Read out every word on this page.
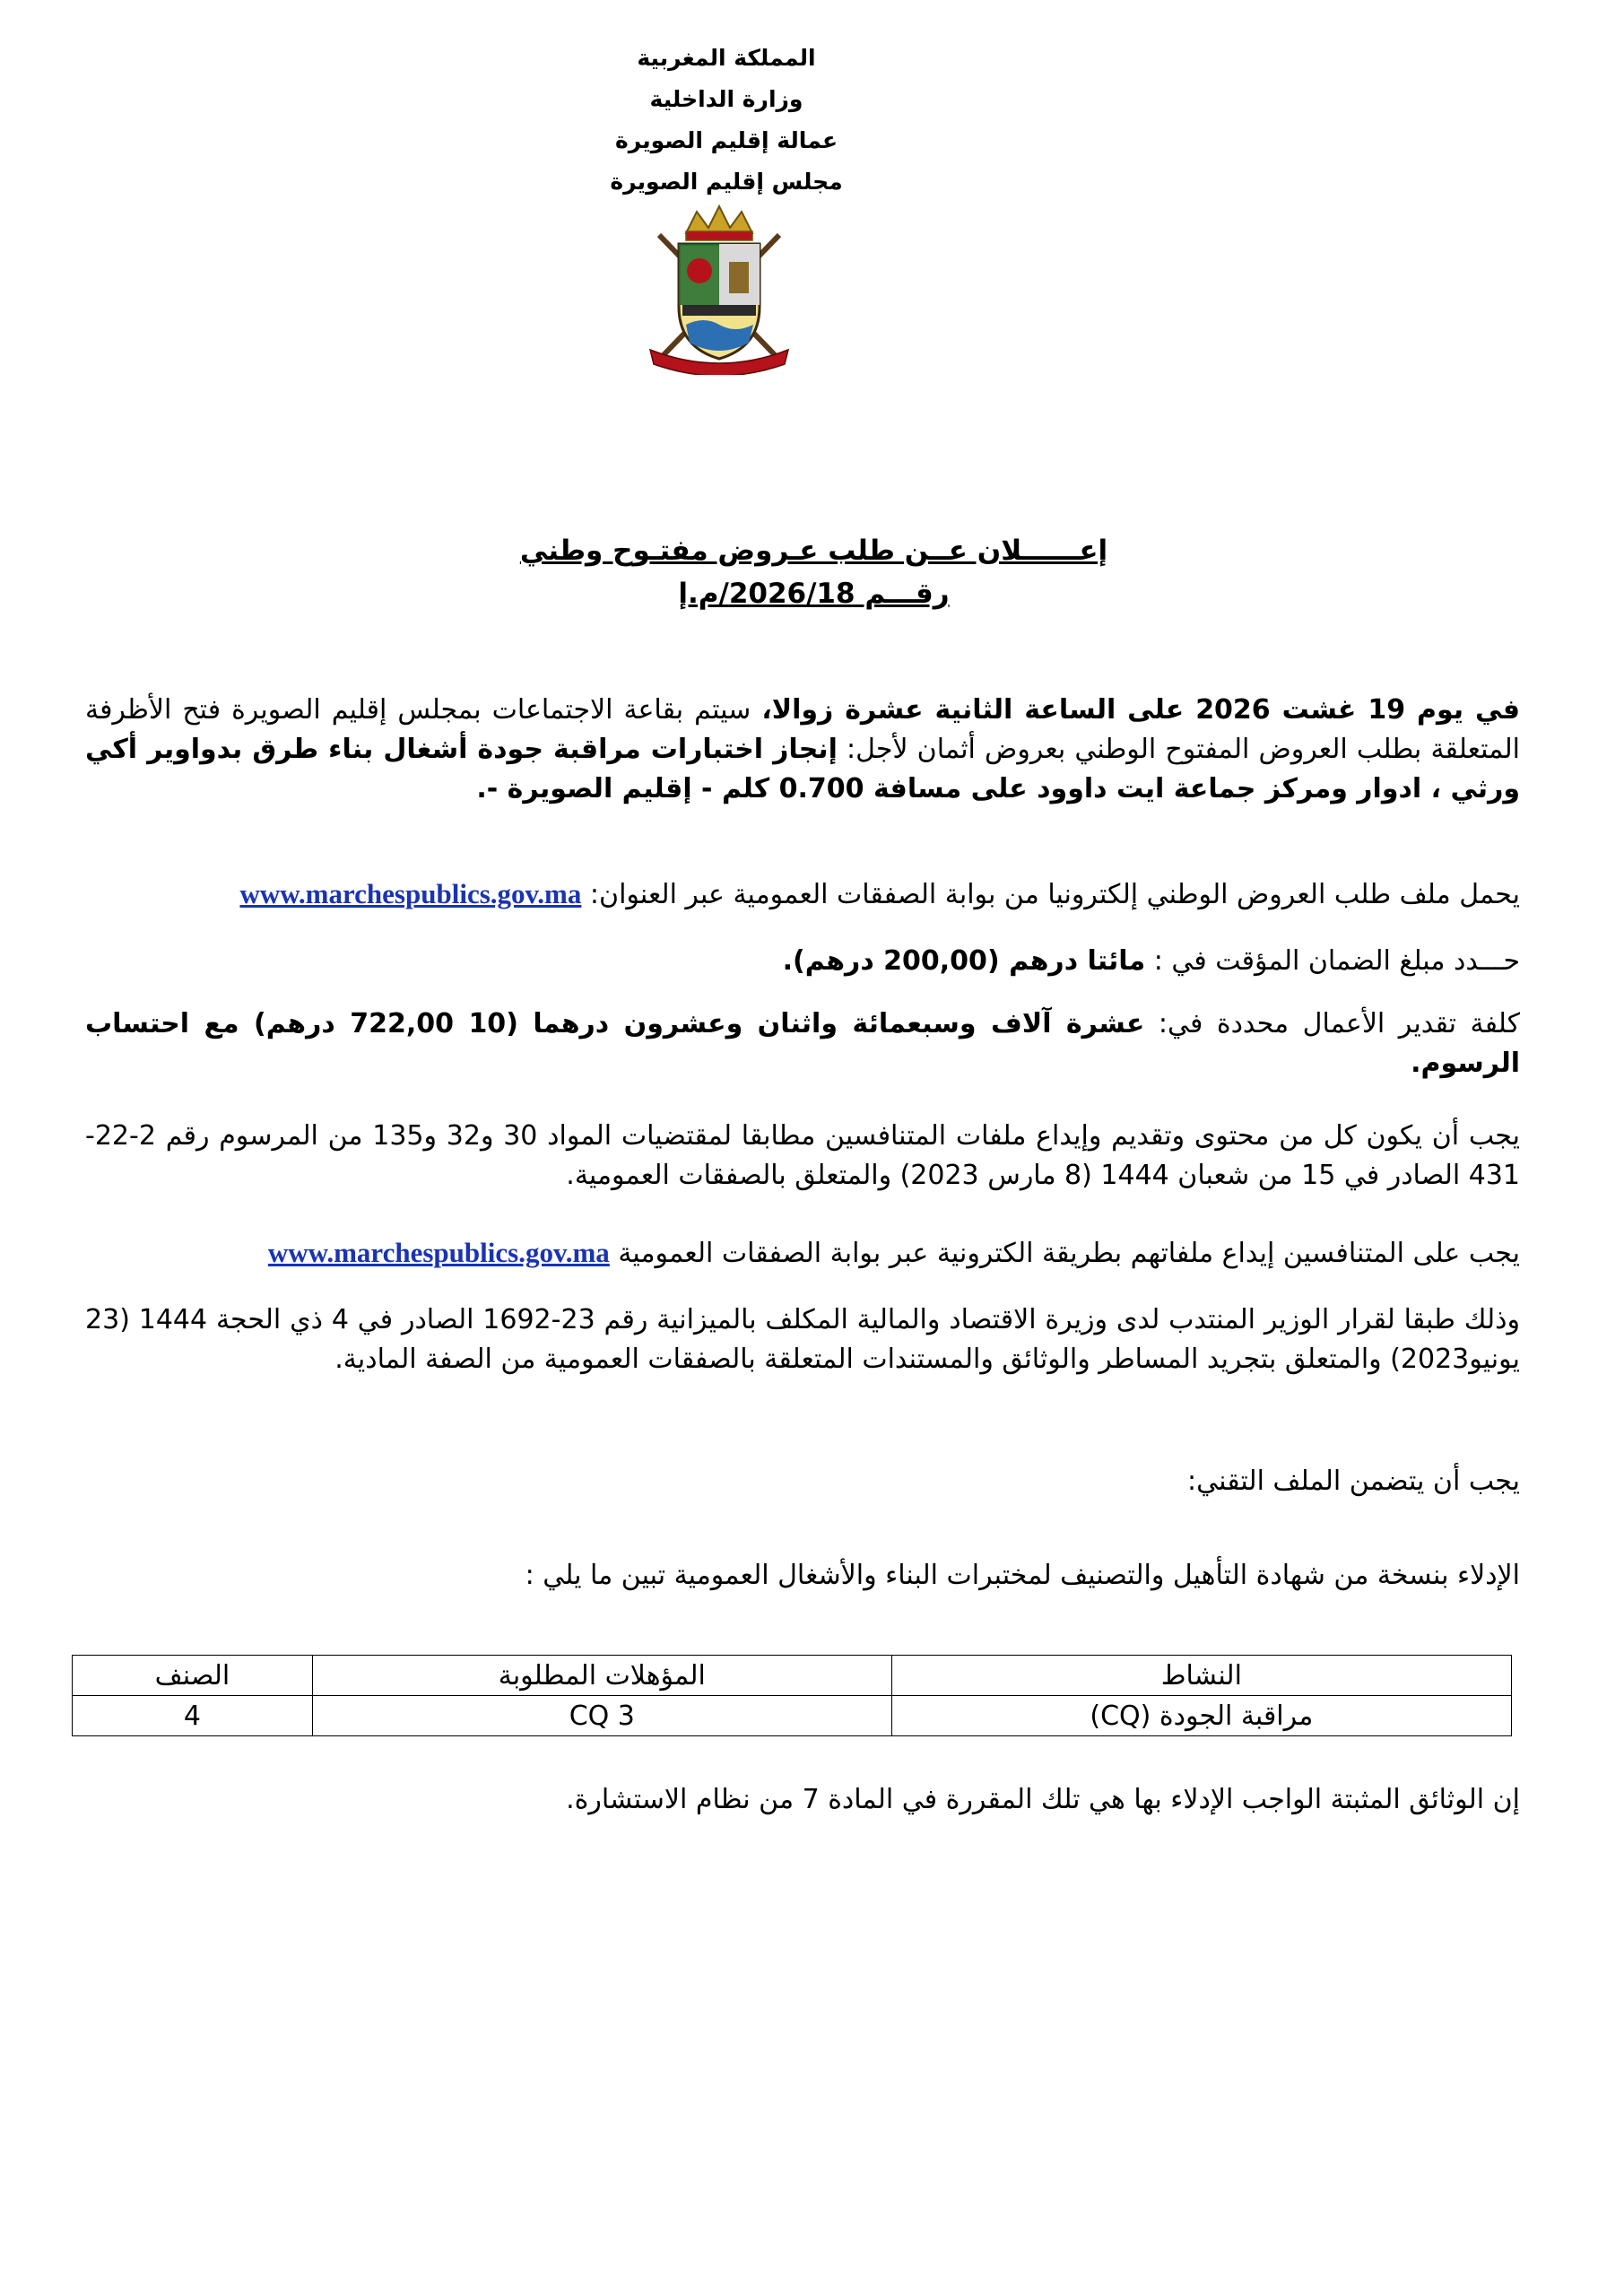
المملكة المغربية
وزارة الداخلية
عمالة إقليم الصويرة
مجلس إقليم الصويرة
إعــــــلان عــن طلب عـروض مفتـوح وطني
رقـــم 2026/18/م.إ
في يوم 19 غشت 2026 على الساعة الثانية عشرة زوالا، سيتم بقاعة الاجتماعات بمجلس إقليم الصويرة فتح الأظرفة المتعلقة بطلب العروض المفتوح الوطني بعروض أثمان لأجل: إنجاز اختبارات مراقبة جودة أشغال بناء طرق بدواوير أكي ورثي ، ادوار ومركز جماعة ايت داوود على مسافة 0.700 كلم - إقليم الصويرة -.
يحمل ملف طلب العروض الوطني إلكترونيا من بوابة الصفقات العمومية عبر العنوان: www.marchespublics.gov.ma
حـــدد مبلغ الضمان المؤقت في : مائتا درهم (200,00 درهم).
كلفة تقدير الأعمال محددة في: عشرة آلاف وسبعمائة واثنان وعشرون درهما (10 722,00 درهم) مع احتساب الرسوم.
يجب أن يكون كل من محتوى وتقديم وإيداع ملفات المتنافسين مطابقا لمقتضيات المواد 30 و32 و135 من المرسوم رقم 2-22-431 الصادر في 15 من شعبان 1444 (8 مارس 2023) والمتعلق بالصفقات العمومية.
يجب على المتنافسين إيداع ملفاتهم بطريقة الكترونية عبر بوابة الصفقات العمومية www.marchespublics.gov.ma
وذلك طبقا لقرار الوزير المنتدب لدى وزيرة الاقتصاد والمالية المكلف بالميزانية رقم 23-1692 الصادر في 4 ذي الحجة 1444 (23 يونيو2023) والمتعلق بتجريد المساطر والوثائق والمستندات المتعلقة بالصفقات العمومية من الصفة المادية.
يجب أن يتضمن الملف التقني:
الإدلاء بنسخة من شهادة التأهيل والتصنيف لمختبرات البناء والأشغال العمومية تبين ما يلي :
النشاط	المؤهلات المطلوبة	الصنف
مراقبة الجودة (CQ)	CQ 3	4
إن الوثائق المثبتة الواجب الإدلاء بها هي تلك المقررة في المادة 7 من نظام الاستشارة.
